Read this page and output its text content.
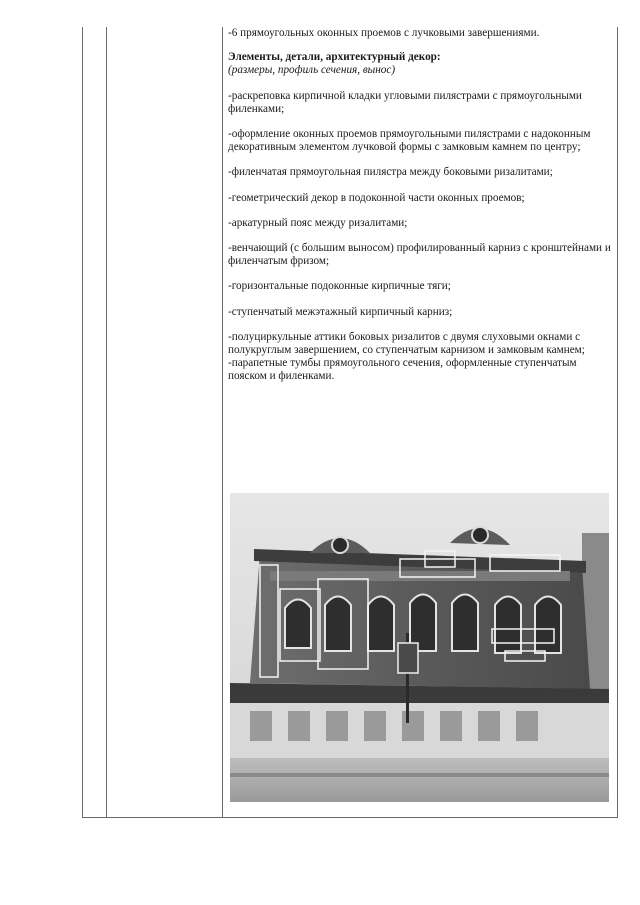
-6 прямоугольных оконных проемов с лучковыми завершениями.

Элементы, детали, архитектурный декор:

(размеры, профиль сечения, вынос)

-раскреповка кирпичной кладки угловыми пилястрами с прямоугольными филенками;

-оформление оконных проемов прямоугольными пилястрами с надоконным декоративным элементом лучковой формы с замковым камнем по центру;

-филенчатая прямоугольная пилястра между боковыми ризалитами;

-геометрический декор в подоконной части оконных проемов;

-аркатурный пояс между ризалитами;

-венчающий (с большим выносом) профилированный карниз с кронштейнами и филенчатым фризом;

-горизонтальные подоконные кирпичные тяги;

-ступенчатый межэтажный кирпичный карниз;

-полуциркульные аттики боковых ризалитов с двумя слуховыми окнами с полукруглым завершением, со ступенчатым карнизом и замковым камнем;

-парапетные тумбы прямоугольного сечения, оформленные ступенчатым пояском и филенками.
